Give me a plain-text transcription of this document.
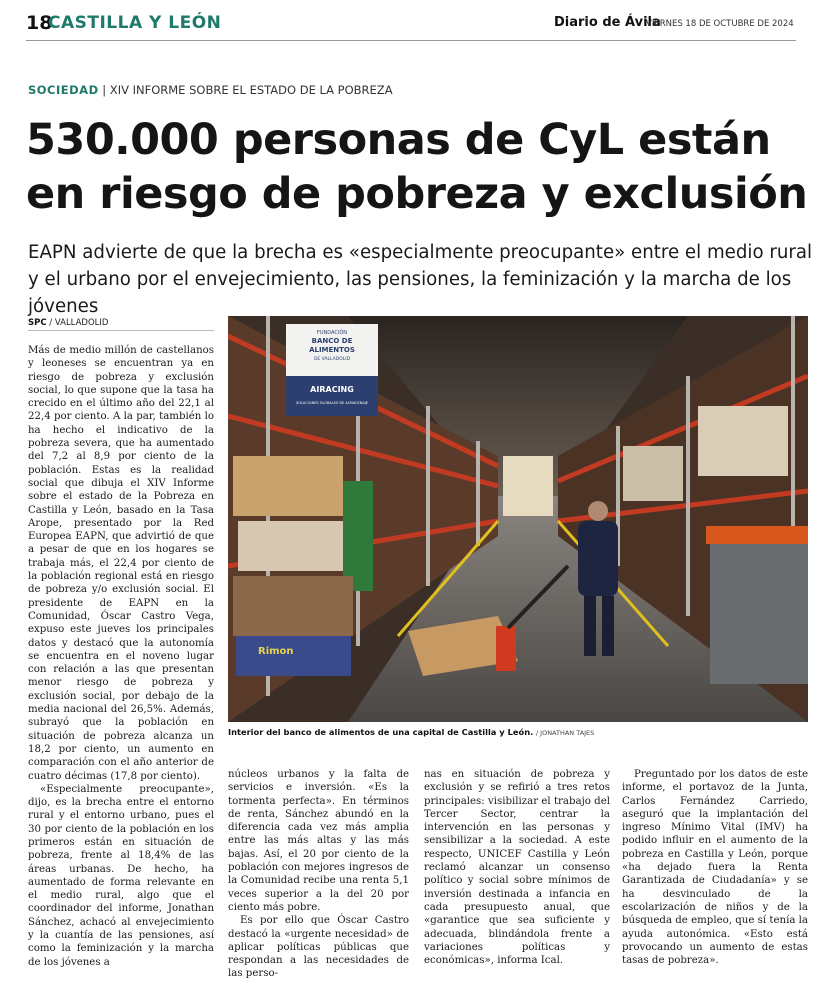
18
CASTILLA Y LEÓN	Diario de Ávila
VIERNES 18 DE OCTUBRE DE 2024
SOCIEDAD | XIV INFORME SOBRE EL ESTADO DE LA POBREZA
530.000 personas de CyL están en riesgo de pobreza y exclusión
EAPN advierte de que la brecha es «especialmente preocupante» entre el medio rural y el urbano por el envejecimiento, las pensiones, la feminización y la marcha de los jóvenes
SPC / VALLADOLID

Más de medio millón de castellanos y leoneses se encuentran ya en riesgo de pobreza y exclusión social, lo que supone que la tasa ha crecido en el último año del 22,1 al 22,4 por ciento. A la par, también lo ha hecho el indicativo de la pobreza severa, que ha aumentado del 7,2 al 8,9 por ciento de la población. Estas es la realidad social que dibuja el XIV Informe sobre el estado de la Pobreza en Castilla y León, basado en la Tasa Arope, presentado por la Red Europea EAPN, que advirtió de que a pesar de que en los hogares se trabaja más, el 22,4 por ciento de la población regional está en riesgo de pobreza y/o exclusión social. El presidente de EAPN en la Comunidad, Óscar Castro Vega, expuso este jueves los principales datos y destacó que la autonomía se encuentra en el noveno lugar con relación a las que presentan menor riesgo de pobreza y exclusión social, por debajo de la media nacional del 26,5%. Además, subrayó que la población en situación de pobreza alcanza un 18,2 por ciento, un aumento en comparación con el año anterior de cuatro décimas (17,8 por ciento).

«Especialmente preocupante», dijo, es la brecha entre el entorno rural y el entorno urbano, pues el 30 por ciento de la población en los primeros están en situación de pobreza, frente al 18,4% de las áreas urbanas. De hecho, ha aumentado de forma relevante en el medio rural, algo que el coordinador del informe, Jonathan Sánchez, achacó al envejecimiento y la cuantía de las pensiones, así como la feminización y la marcha de los jóvenes a

FUNDACIÓN
BANCO DE
ALIMENTOS
DE VALLADOLID
AIRACING
SOLUCIONES GLOBALES DE ALMACENAJE
Rimon
Interior del banco de alimentos de una capital de Castilla y León. / JONATHAN TAJES

núcleos urbanos y la falta de servicios e inversión. «Es la tormenta perfecta». En términos de renta, Sánchez abundó en la diferencia cada vez más amplia entre las más altas y las más bajas. Así, el 20 por ciento de la población con mejores ingresos de la Comunidad recibe una renta 5,1 veces superior a la del 20 por ciento más pobre.

Es por ello que Óscar Castro destacó la «urgente necesidad» de aplicar políticas públicas que respondan a las necesidades de las perso-

nas en situación de pobreza y exclusión y se refirió a tres retos principales: visibilizar el trabajo del Tercer Sector, centrar la intervención en las personas y sensibilizar a la sociedad. A este respecto, UNICEF Castilla y León reclamó alcanzar un consenso político y social sobre mínimos de inversión destinada a infancia en cada presupuesto anual, que «garantice que sea suficiente y adecuada, blindándola frente a variaciones políticas y económicas», informa Ical.

Preguntado por los datos de este informe, el portavoz de la Junta, Carlos Fernández Carriedo, aseguró que la implantación del ingreso Mínimo Vital (IMV) ha podido influir en el aumento de la pobreza en Castilla y León, porque «ha dejado fuera la Renta Garantizada de Ciudadanía» y se ha desvinculado de la escolarización de niños y de la búsqueda de empleo, que sí tenía la ayuda autonómica. «Esto está provocando un aumento de estas tasas de pobreza».
